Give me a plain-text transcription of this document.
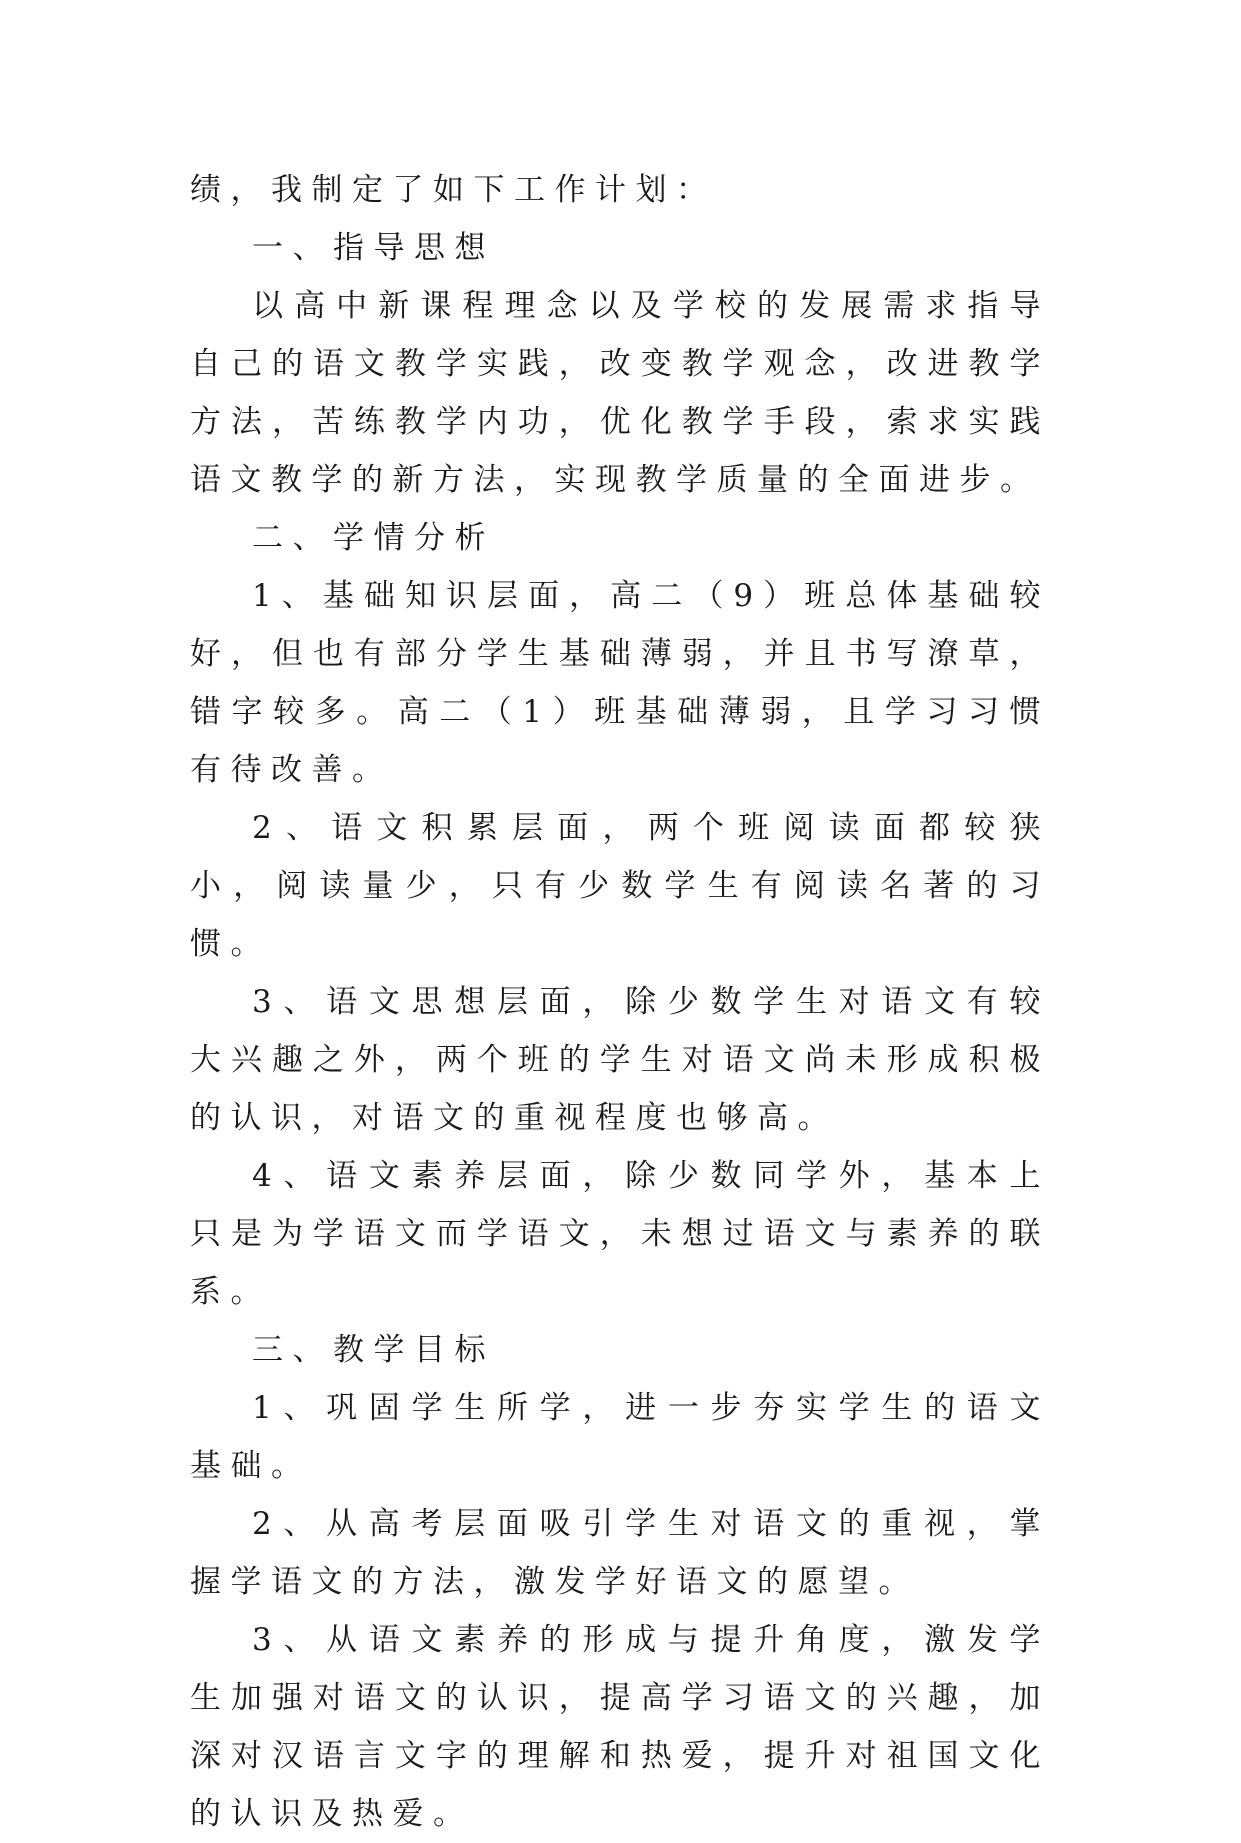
绩，我制定了如下工作计划：

一、指导思想

以高中新课程理念以及学校的发展需求指导自己的语文教学实践，改变教学观念，改进教学方法，苦练教学内功，优化教学手段，索求实践语文教学的新方法，实现教学质量的全面进步。

二、学情分析

1、基础知识层面，高二（9）班总体基础较好，但也有部分学生基础薄弱，并且书写潦草，错字较多。高二（1）班基础薄弱，且学习习惯有待改善。

2、语文积累层面，两个班阅读面都较狭小，阅读量少，只有少数学生有阅读名著的习惯。

3、语文思想层面，除少数学生对语文有较大兴趣之外，两个班的学生对语文尚未形成积极的认识，对语文的重视程度也够高。

4、语文素养层面，除少数同学外，基本上只是为学语文而学语文，未想过语文与素养的联系。

三、教学目标

1、巩固学生所学，进一步夯实学生的语文基础。

2、从高考层面吸引学生对语文的重视，掌握学语文的方法，激发学好语文的愿望。

3、从语文素养的形成与提升角度，激发学生加强对语文的认识，提高学习语文的兴趣，加深对汉语言文字的理解和热爱，提升对祖国文化的认识及热爱。
